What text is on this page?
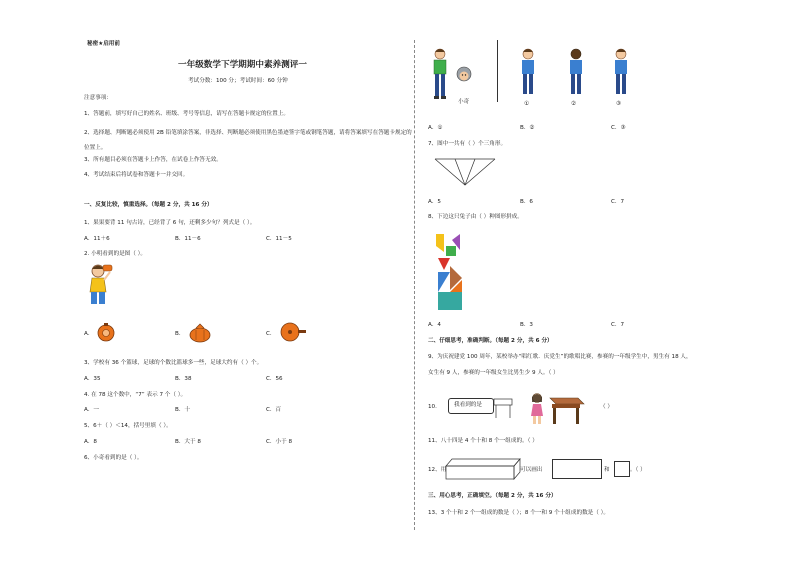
秘密★启用前
一年级数学下学期期中素养测评一
考试分数：100 分；考试时间：60 分钟
注意事项：
1、答题前，填写好自己的姓名、班级、考号等信息，请写在答题卡规定的位置上。
2、选择题、判断题必须使用 2B 铅笔填涂答案，非选择、判断题必须使用黑色墨迹签字笔或钢笔答题，请将答案填写在答题卡规定的位置上。
3、所有题目必须在答题卡上作答，在试卷上作答无效。
4、考试结束后将试卷和答题卡一并交回。
一、反复比较，慎重选择。（每题 2 分，共 16 分）
1、果果要背 11 句古诗，已经背了 6 句，还剩多少句？列式是（ ）。
A．11＋6	B．11－6	C．11－5
2. 小明看到的是图（ ）。
A．	B．	C．
3、学校有 36 个篮球，足球的个数比篮球多一些，足球大约有（ ）个。
A．35	B．38	C．56
4. 在 78 这个数中，“7” 表示 7 个（ ）。
A．一	B．十	C．百
5、6＋（ ）＜14，括号里填（ ）。
A．8	B．大于 8	C．小于 8
6、小奇看到的是（ ）。
小奇	①	②	③
A．①	B．②	C．③
7、图中一共有（ ）个三角形。
A．5	B．6	C．7
8、下边这只兔子由（ ）种图形拼成。
A．4	B．3	C．7
二、仔细思考，准确判断。（每题 2 分，共 6 分）
9、为庆祝建党 100 周年，某校举办“唱红歌．庆党生”的歌唱比赛，参赛的一年级学生中，男生有 18 人，
女生有 9 人，参赛的一年级女生比男生少 9 人。（ ）
10.	我看到的是	（ ）
11、八十四是 4 个十和 8 个一组成的。（ ）
12、用	可以画出	和	。（ ）
三、用心思考，正确填空。（每题 2 分，共 16 分）
13、3 个十和 2 个一组成的数是（ ）；8 个一和 9 个十组成的数是（ ）。
